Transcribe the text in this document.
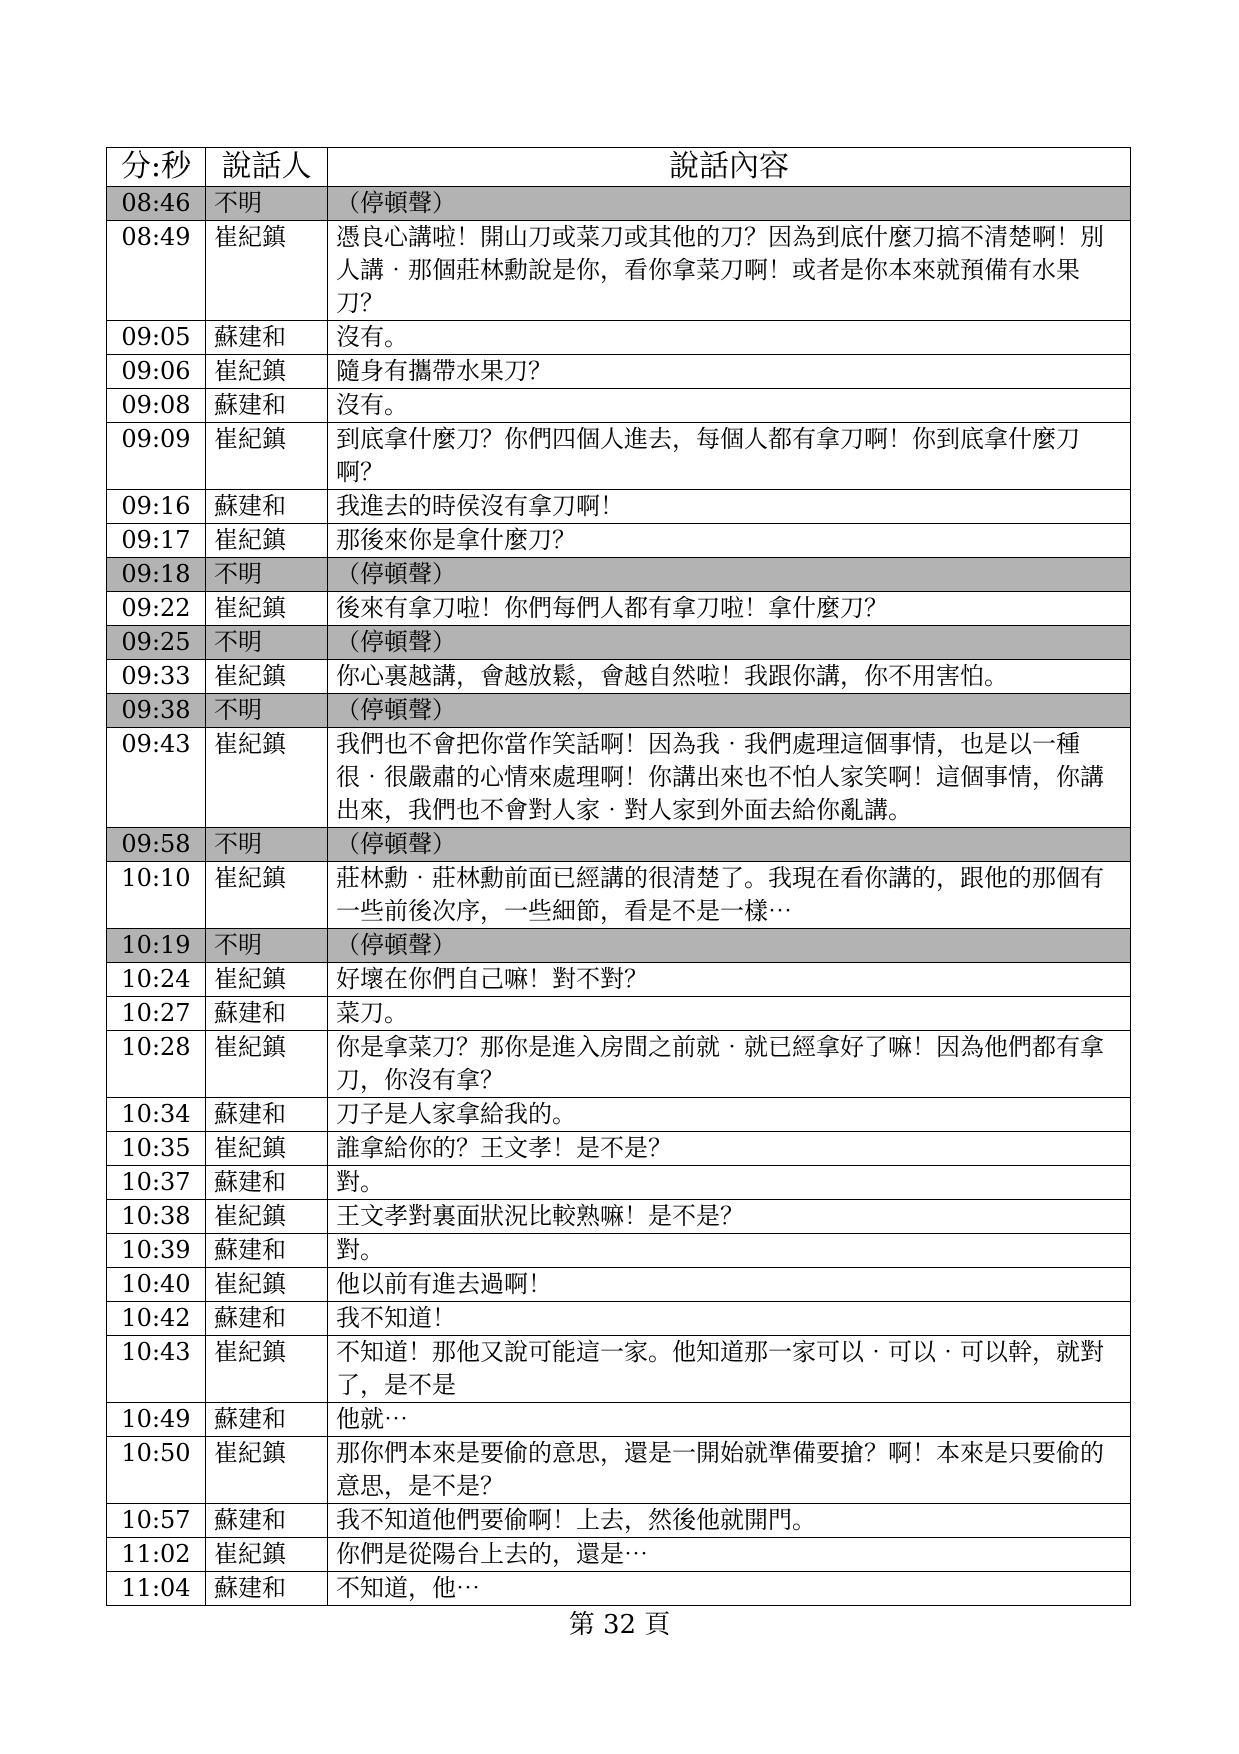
分:秒	說話人	說話內容
08:46	不明	（停頓聲）
08:49	崔紀鎮	憑良心講啦！開山刀或菜刀或其他的刀？因為到底什麼刀搞不清楚啊！別人講‧那個莊林勳說是你，看你拿菜刀啊！或者是你本來就預備有水果刀？
09:05	蘇建和	沒有。
09:06	崔紀鎮	隨身有攜帶水果刀？
09:08	蘇建和	沒有。
09:09	崔紀鎮	到底拿什麼刀？你們四個人進去，每個人都有拿刀啊！你到底拿什麼刀啊？
09:16	蘇建和	我進去的時侯沒有拿刀啊！
09:17	崔紀鎮	那後來你是拿什麼刀？
09:18	不明	（停頓聲）
09:22	崔紀鎮	後來有拿刀啦！你們每們人都有拿刀啦！拿什麼刀？
09:25	不明	（停頓聲）
09:33	崔紀鎮	你心裏越講，會越放鬆，會越自然啦！我跟你講，你不用害怕。
09:38	不明	（停頓聲）
09:43	崔紀鎮	我們也不會把你當作笑話啊！因為我‧我們處理這個事情，也是以一種很‧很嚴肅的心情來處理啊！你講出來也不怕人家笑啊！這個事情，你講出來，我們也不會對人家‧對人家到外面去給你亂講。
09:58	不明	（停頓聲）
10:10	崔紀鎮	莊林勳‧莊林勳前面已經講的很清楚了。我現在看你講的，跟他的那個有一些前後次序，一些細節，看是不是一樣⋯
10:19	不明	（停頓聲）
10:24	崔紀鎮	好壞在你們自己嘛！對不對？
10:27	蘇建和	菜刀。
10:28	崔紀鎮	你是拿菜刀？那你是進入房間之前就‧就已經拿好了嘛！因為他們都有拿刀，你沒有拿？
10:34	蘇建和	刀子是人家拿給我的。
10:35	崔紀鎮	誰拿給你的？王文孝！是不是？
10:37	蘇建和	對。
10:38	崔紀鎮	王文孝對裏面狀況比較熟嘛！是不是？
10:39	蘇建和	對。
10:40	崔紀鎮	他以前有進去過啊！
10:42	蘇建和	我不知道！
10:43	崔紀鎮	不知道！那他又說可能這一家。他知道那一家可以‧可以‧可以幹，就對了，是不是
10:49	蘇建和	他就⋯
10:50	崔紀鎮	那你們本來是要偷的意思，還是一開始就準備要搶？啊！本來是只要偷的意思，是不是？
10:57	蘇建和	我不知道他們要偷啊！上去，然後他就開門。
11:02	崔紀鎮	你們是從陽台上去的，還是⋯
11:04	蘇建和	不知道，他⋯
第 32 頁
